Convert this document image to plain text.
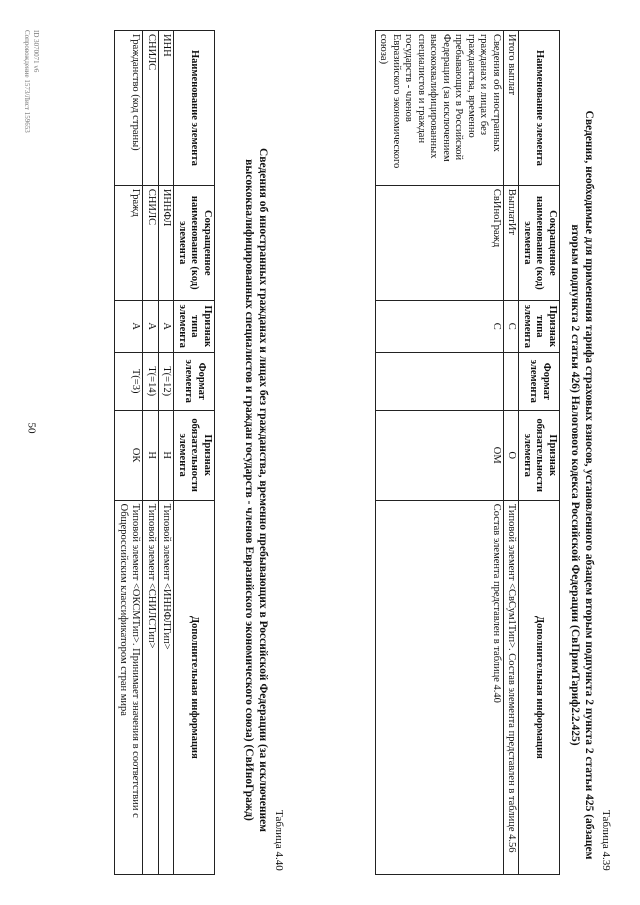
50
Таблица 4.39
Сведения, необходимые для применения тарифа страховых взносов, установленного абзацем вторым подпункта 2 пункта 2 статьи 425 (абзацем вторым подпункта 2 статьи 426) Налогового кодекса Российской Федерации (СвПримТариф2.2.425)
Наименование элемента	Сокращенное наименование (код) элемента	Признак типа элемента	Формат элемента	Признак обязательности элемента	Дополнительная информация
Итого выплат	ВыплатИт	С		О	Типовой элемент <СвСум1Тип>. Состав элемента представлен в таблице 4.56
Сведения об иностранных гражданах и лицах без гражданства, временно пребывающих в Российской Федерации (за исключением высококвалифицированных специалистов и граждан государств - членов Евразийского экономического союза)	СвИноГражд	С		ОМ	Состав элемента представлен в таблице 4.40
Таблица 4.40
Сведения об иностранных гражданах и лицах без гражданства, временно пребывающих в Российской Федерации (за исключением высококвалифицированных специалистов и граждан государств - членов Евразийского экономического союза) (СвИноГражд)
Наименование элемента	Сокращенное наименование (код) элемента	Признак типа элемента	Формат элемента	Признак обязательности элемента	Дополнительная информация
ИНН	ИННФЛ	А	T(=12)	Н	Типовой элемент <ИННФЛТип>
СНИЛС	СНИЛС	А	T(=14)	Н	Типовой элемент <СНИЛСТип>
Гражданство (код страны)	Гражд	А	T(=3)	ОК	Типовой элемент <ОКСМТип>. Принимает значения в соответствии с Общероссийским классификатором стран мира
ID 3070071 v6
Сопровождение 1573/Лист 159653
